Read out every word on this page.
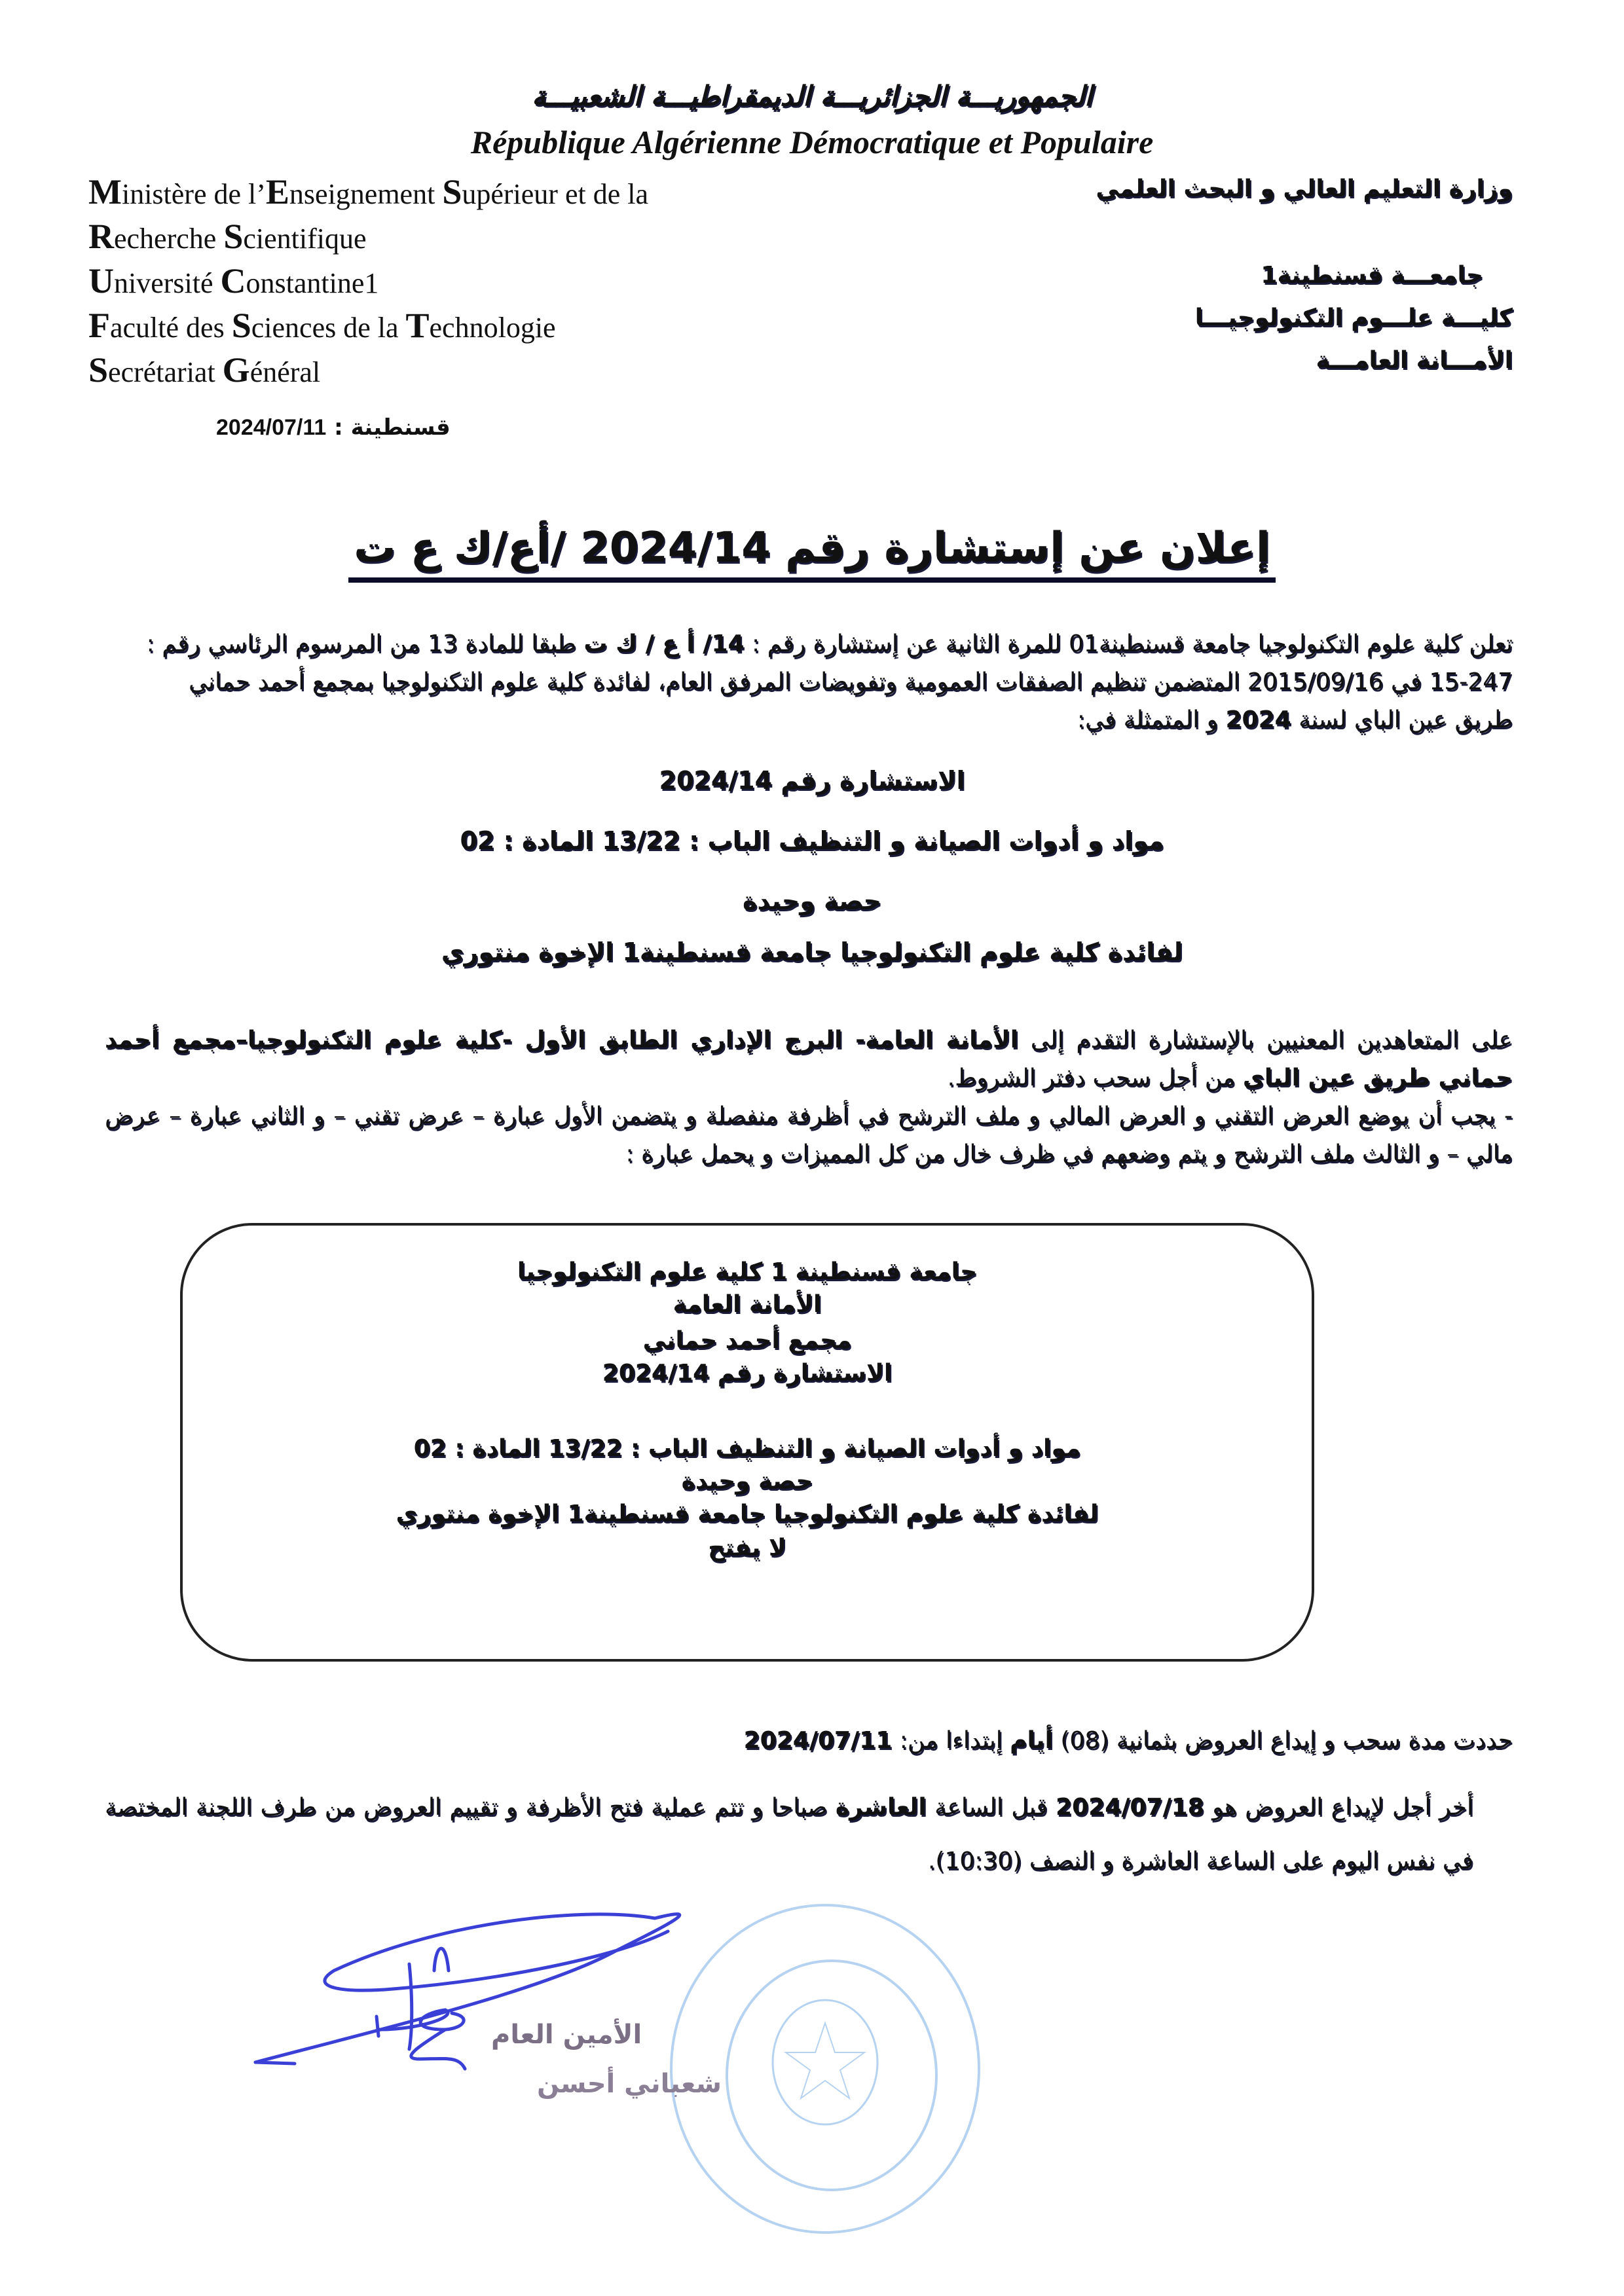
الجمهوريـــة الجزائريـــة الديمقراطيـــة الشعبيـــة
République Algérienne Démocratique et Populaire
Ministère de l’Enseignement Supérieur et de la
Recherche Scientifique
Université Constantine1
Faculté des Sciences de la Technologie
Secrétariat Général
وزارة التعليم العالي و البحث العلمي
جامعـــة قسنطينة1
كليـــة علـــوم التكنولوجيـــا
الأمـــانة العامـــة
قسنطينة : 2024/07/11
إعلان عن إستشارة رقم 2024/14 /أع/ك ع ت
تعلن كلية علوم التكنولوجيا جامعة قسنطينة01 للمرة الثانية عن إستشارة رقم : 14/ أ ع / ك ت طبقا للمادة 13 من المرسوم الرئاسي رقم :
15-247 في 2015/09/16 المتضمن تنظيم الصفقات العمومية وتفويضات المرفق العام، لفائدة كلية علوم التكنولوجيا بمجمع أحمد حماني
طريق عين الباي لسنة 2024 و المتمثلة في:
الاستشارة رقم 2024/14
مواد و أدوات الصيانة و التنظيف الباب : 13/22 المادة : 02
حصة وحيدة
لفائدة كلية علوم التكنولوجيا جامعة قسنطينة1 الإخوة منتوري
على المتعاهدين المعنيين بالإستشارة التقدم إلى الأمانة العامة- البرج الإداري الطابق الأول -كلية علوم التكنولوجيا–مجمع أحمد حماني طريق عين الباي من أجل سحب دفتر الشروط.
- يجب أن يوضع العرض التقني و العرض المالي و ملف الترشح في أظرفة منفصلة و يتضمن الأول عبارة – عرض تقني – و الثاني عبارة – عرض مالي – و الثالث ملف الترشح و يتم وضعهم في ظرف خال من كل المميزات و يحمل عبارة :
جامعة قسنطينة 1 كلية علوم التكنولوجيا
الأمانة العامة
مجمع أحمد حماني
الاستشارة رقم 2024/14
مواد و أدوات الصيانة و التنظيف الباب : 13/22 المادة : 02
حصة وحيدة
لفائدة كلية علوم التكنولوجيا جامعة قسنطينة1 الإخوة منتوري
لا يفتح
حددت مدة سحب و إيداع العروض بثمانية (08) أيام إبتداءا من: 2024/07/11
أخر أجل لإيداع العروض هو 2024/07/18 قبل الساعة العاشرة صباحا و تتم عملية فتح الأظرفة و تقييم العروض من طرف اللجنة المختصة في نفس اليوم على الساعة العاشرة و النصف (10:30).
الأمين العام
شعباني أحسن
